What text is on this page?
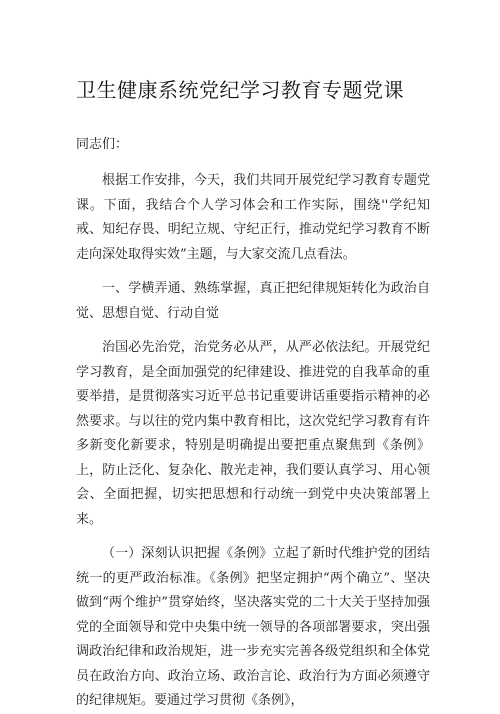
卫生健康系统党纪学习教育专题党课

同志们：

根据工作安排，今天，我们共同开展党纪学习教育专题党课。下面，我结合个人学习体会和工作实际，围绕''学纪知戒、知纪存畏、明纪立规、守纪正行，推动党纪学习教育不断走向深处取得实效”主题，与大家交流几点看法。

一、学横弄通、熟练掌握，真正把纪律规矩转化为政治自觉、思想自觉、行动自觉

治国必先治党，治党务必从严，从严必依法纪。开展党纪学习教育，是全面加强党的纪律建设、推进党的自我革命的重要举措，是贯彻落实习近平总书记重要讲话重要指示精神的必然要求。与以往的党内集中教育相比，这次党纪学习教育有许多新变化新要求，特别是明确提出要把重点聚焦到《条例》上，防止泛化、复杂化、散光走神，我们要认真学习、用心领会、全面把握，切实把思想和行动统一到党中央决策部署上来。

（一）深刻认识把握《条例》立起了新时代维护党的团结统一的更严政治标准。《条例》把坚定拥护“两个确立”、坚决做到“两个维护”贯穿始终，坚决落实党的二十大关于坚持加强党的全面领导和党中央集中统一领导的各项部署要求，突出强调政治纪律和政治规矩，进一步充实完善各级党组织和全体党员在政治方向、政治立场、政治言论、政治行为方面必须遵守的纪律规矩。要通过学习贯彻《条例》，
